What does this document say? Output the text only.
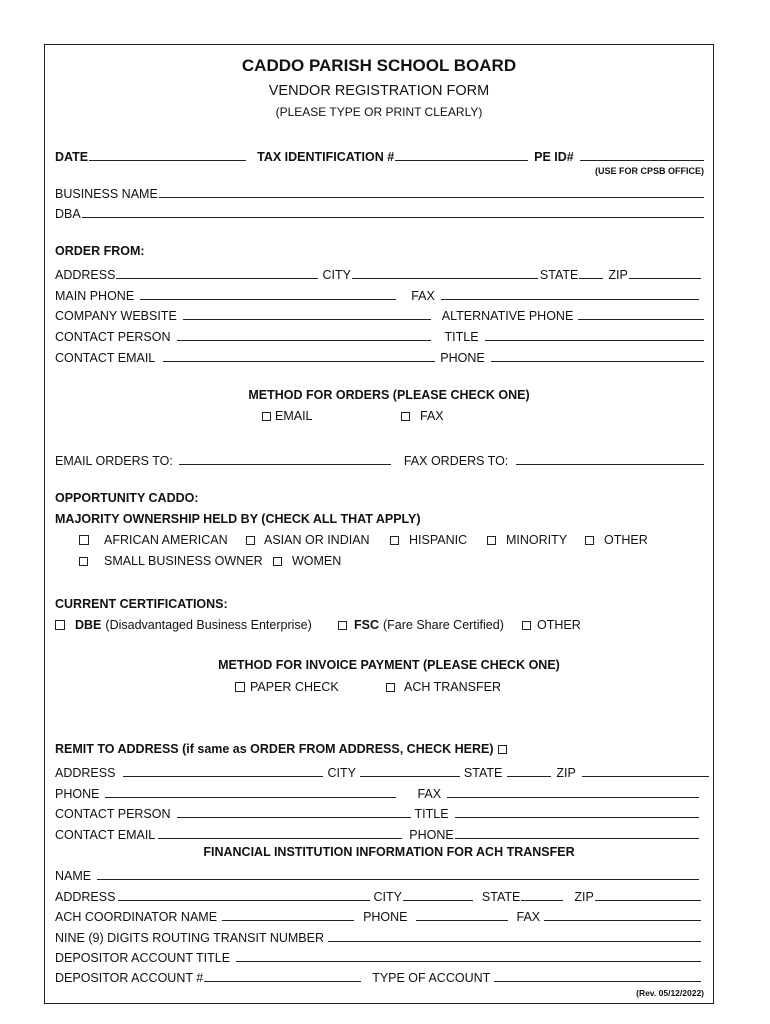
CADDO PARISH SCHOOL BOARD
VENDOR REGISTRATION FORM
(PLEASE TYPE OR PRINT CLEARLY)
DATE	TAX IDENTIFICATION #	PE ID#
(USE FOR CPSB OFFICE)
BUSINESS NAME
DBA
ORDER FROM:
ADDRESS	CITY	STATE ZIP
MAIN PHONE	FAX
COMPANY WEBSITE	ALTERNATIVE PHONE
CONTACT PERSON	TITLE
CONTACT EMAIL	PHONE
METHOD FOR ORDERS (PLEASE CHECK ONE)
EMAIL	FAX
EMAIL ORDERS TO:	FAX ORDERS TO:
OPPORTUNITY CADDO:
MAJORITY OWNERSHIP HELD BY (CHECK ALL THAT APPLY)
AFRICAN AMERICAN	ASIAN OR INDIAN	HISPANIC	MINORITY	OTHER
SMALL BUSINESS OWNER WOMEN
CURRENT CERTIFICATIONS:
DBE (Disadvantaged Business Enterprise)	FSC (Fare Share Certified)	OTHER
METHOD FOR INVOICE PAYMENT (PLEASE CHECK ONE)
PAPER CHECK	ACH TRANSFER
REMIT TO ADDRESS (if same as ORDER FROM ADDRESS, CHECK HERE)
ADDRESS	CITY	STATE	ZIP
PHONE	FAX
CONTACT PERSON	TITLE
CONTACT EMAIL	PHONE
FINANCIAL INSTITUTION INFORMATION FOR ACH TRANSFER
NAME
ADDRESS	CITY	STATE	ZIP
ACH COORDINATOR NAME	PHONE	FAX
NINE (9) DIGITS ROUTING TRANSIT NUMBER
DEPOSITOR ACCOUNT TITLE
DEPOSITOR ACCOUNT #	TYPE OF ACCOUNT
(Rev. 05/12/2022)
